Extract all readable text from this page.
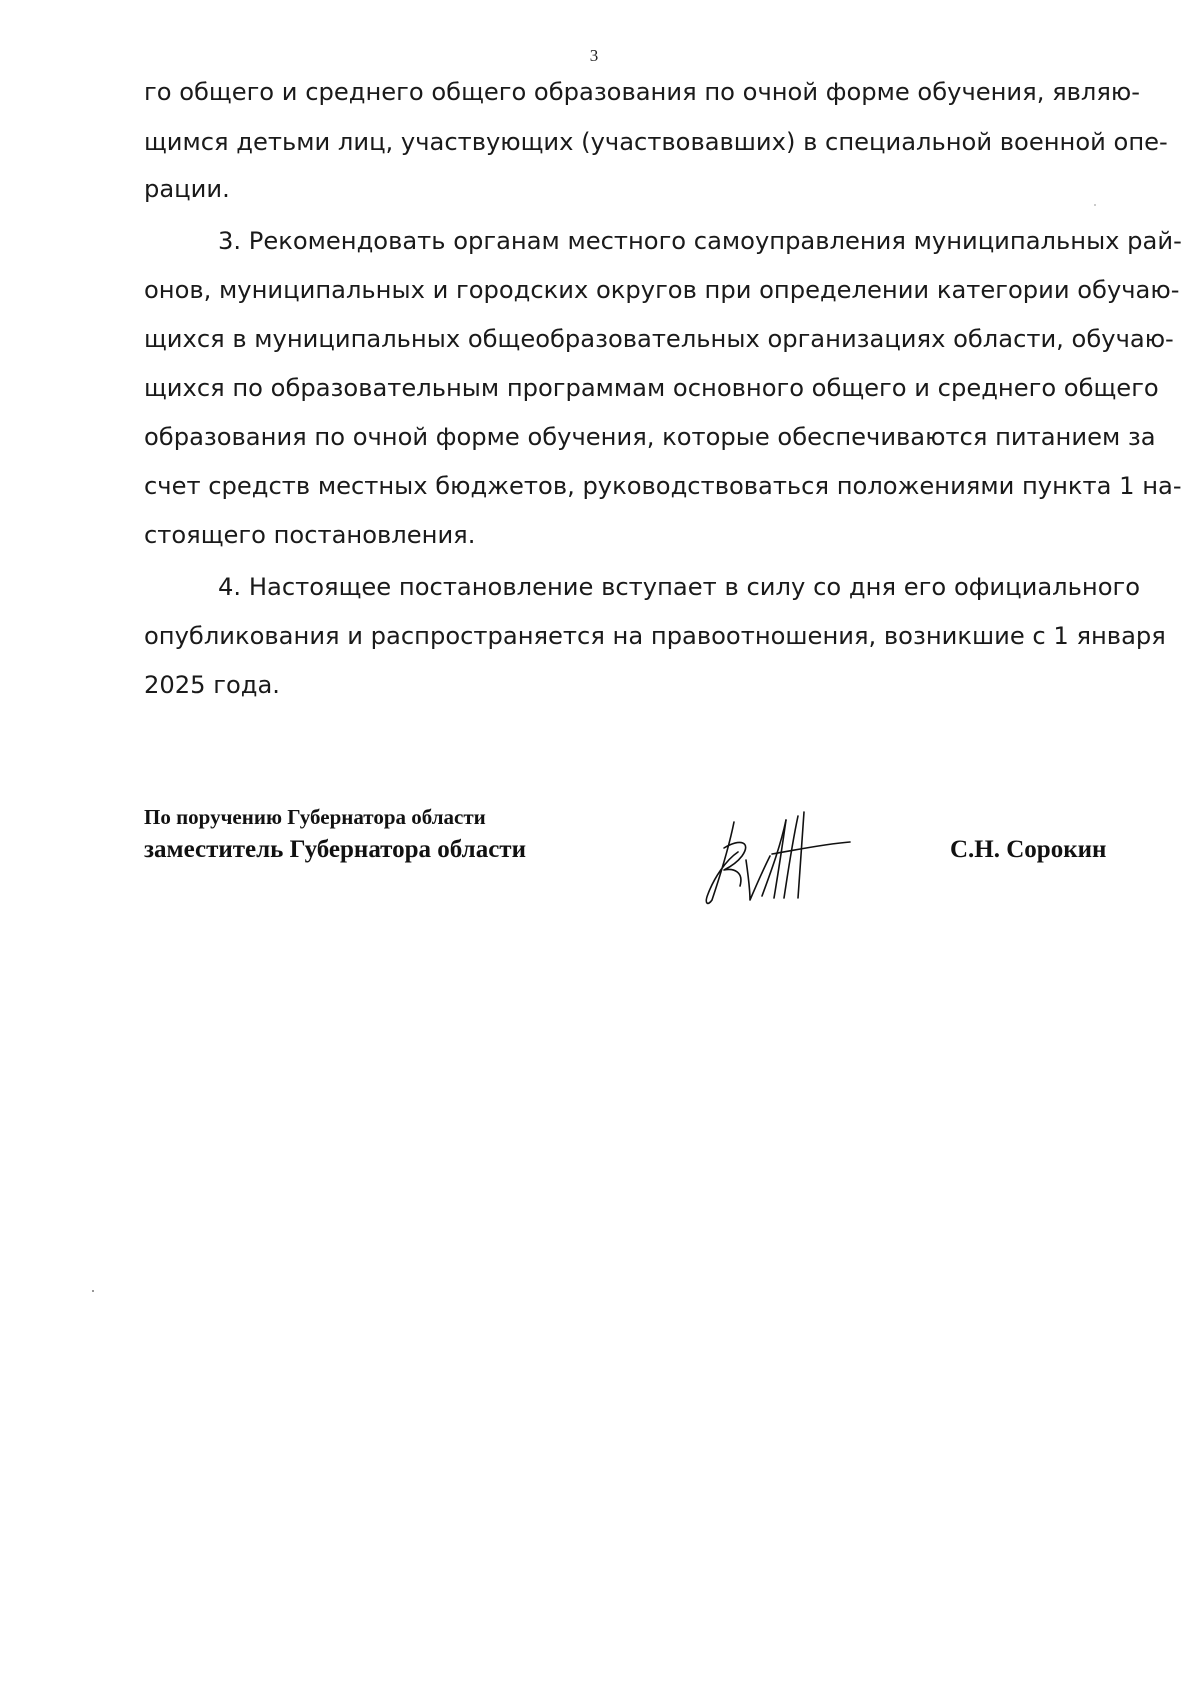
3
го общего и среднего общего образования по очной форме обучения, являю-
щимся детьми лиц, участвующих (участвовавших) в специальной военной опе-
рации.
3. Рекомендовать органам местного самоуправления муниципальных рай-
онов, муниципальных и городских округов при определении категории обучаю-
щихся в муниципальных общеобразовательных организациях области, обучаю-
щихся по образовательным программам основного общего и среднего общего
образования по очной форме обучения, которые обеспечиваются питанием за
счет средств местных бюджетов, руководствоваться положениями пункта 1 на-
стоящего постановления.
4. Настоящее постановление вступает в силу со дня его официального
опубликования и распространяется на правоотношения, возникшие с 1 января
2025 года.
По поручению Губернатора области
заместитель Губернатора области	С.Н. Сорокин
